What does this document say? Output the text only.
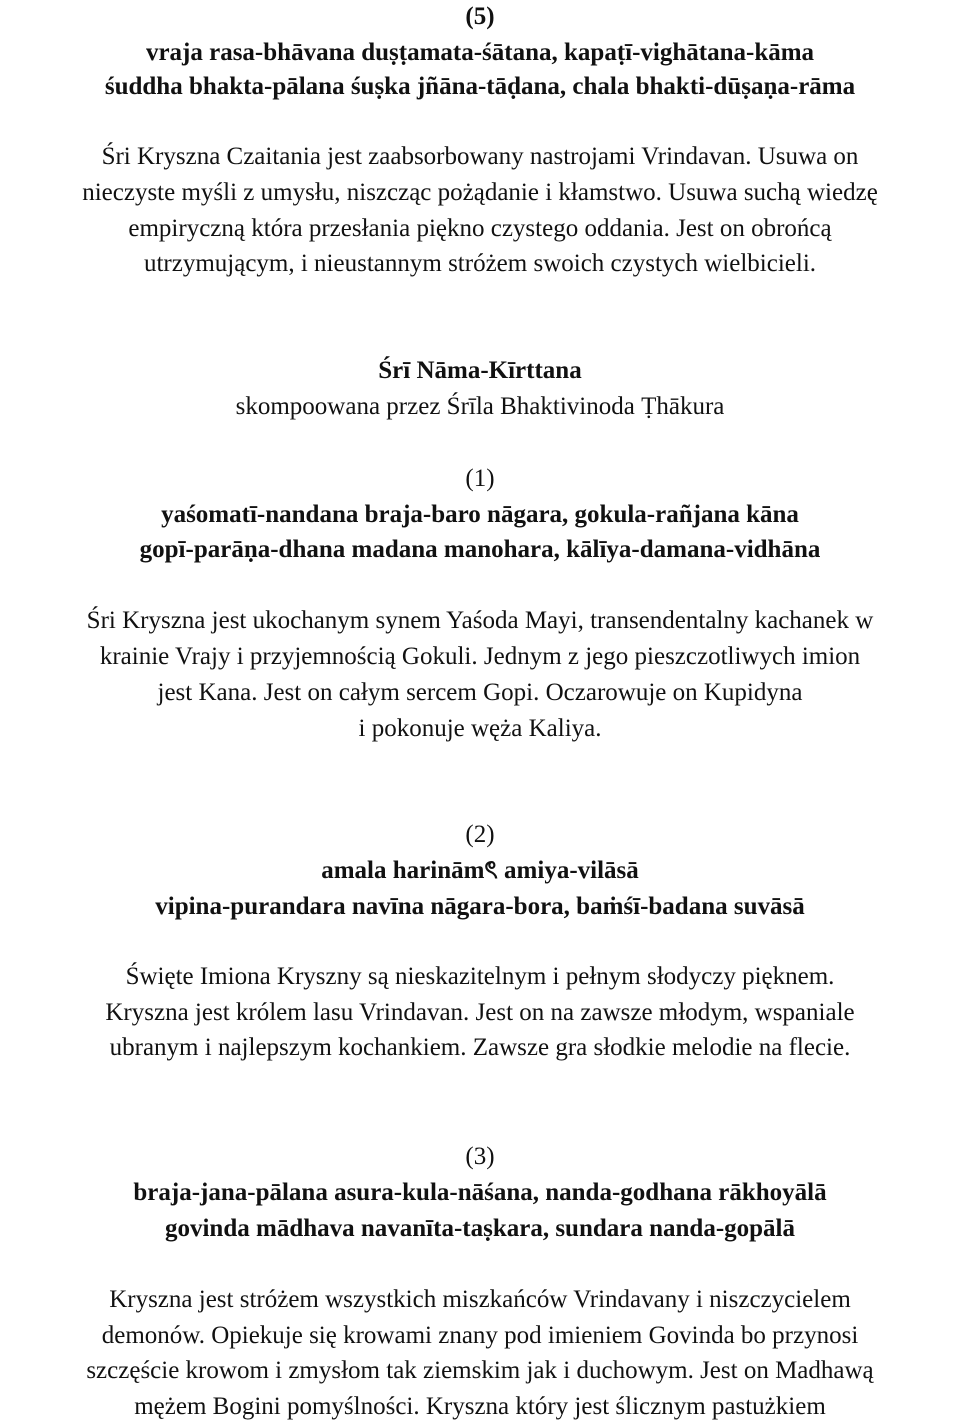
(5)

vraja rasa-bhāvana duṣṭamata-śātana, kapaṭī-vighātana-kāma

śuddha bhakta-pālana śuṣka jñāna-tāḍana, chala bhakti-dūṣaṇa-rāma

Śri Kryszna Czaitania jest zaabsorbowany nastrojami Vrindavan. Usuwa on

nieczyste myśli z umysłu, niszcząc pożądanie i kłamstwo. Usuwa suchą wiedzę

empiryczną która przesłania piękno czystego oddania. Jest on obrońcą

utrzymującym, i nieustannym stróżem swoich czystych wielbicieli.

Śrī Nāma-Kīrttana

skompoowana przez Śrīla Bhaktivinoda Ṭhākura

(1)

yaśomatī-nandana braja-baro nāgara, gokula-rañjana kāna

gopī-parāṇa-dhana madana manohara, kālīya-damana-vidhāna

Śri Kryszna jest ukochanym synem Yaśoda Mayi, transendentalny kachanek w

krainie Vrajy i przyjemnością Gokuli. Jednym z jego pieszczotliwych imion

jest Kana. Jest on całym sercem Gopi. Oczarowuje on Kupidyna

i pokonuje węża Kaliya.

(2)

amala harināmৎ amiya-vilāsā

vipina-purandara navīna nāgara-bora, baṁśī-badana suvāsā

Święte Imiona Kryszny są nieskazitelnym i pełnym słodyczy pięknem.

Kryszna jest królem lasu Vrindavan. Jest on na zawsze młodym, wspaniale

ubranym i najlepszym kochankiem. Zawsze gra słodkie melodie na flecie.

(3)

braja-jana-pālana asura-kula-nāśana, nanda-godhana rākhoyālā

govinda mādhava navanīta-taṣkara, sundara nanda-gopālā

Kryszna jest stróżem wszystkich miszkańców Vrindavany i niszczycielem

demonów. Opiekuje się krowami znany pod imieniem Govinda bo przynosi

szczęście krowom i zmysłom tak ziemskim jak i duchowym. Jest on Madhawą

mężem Bogini pomyślności. Kryszna który jest ślicznym pastużkiem
